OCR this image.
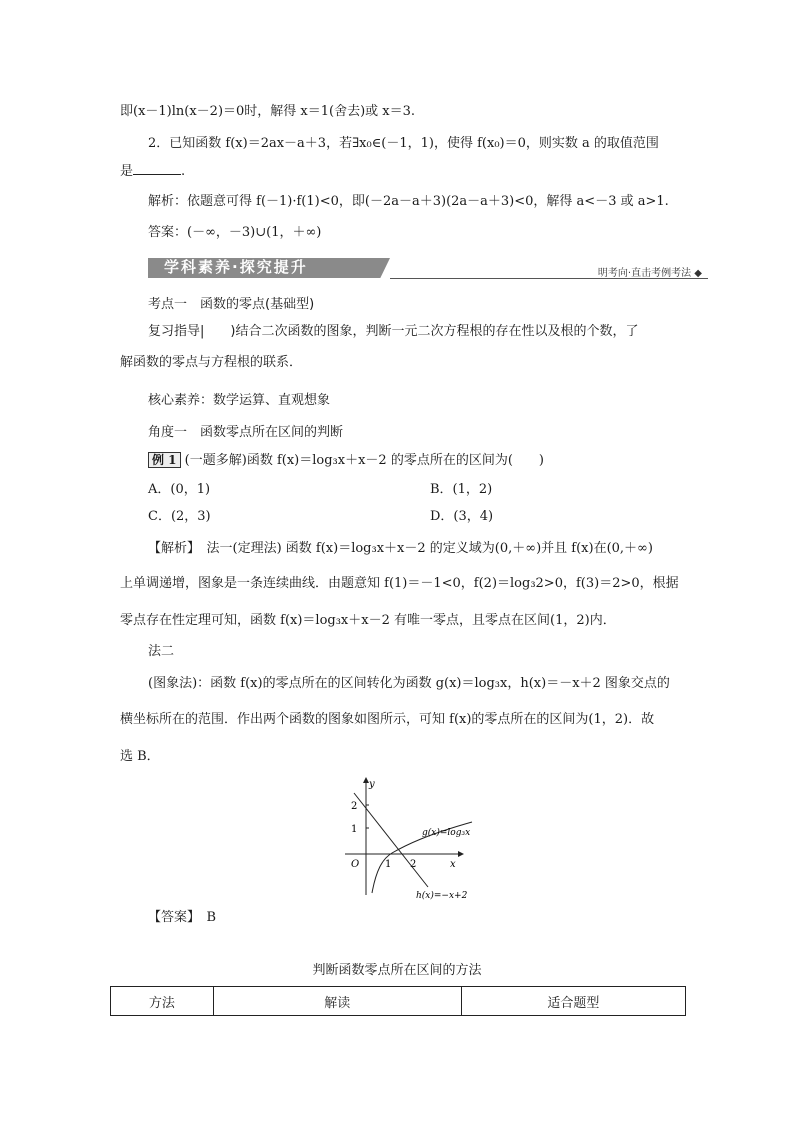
即(x－1)ln(x－2)＝0时，解得 x＝1(舍去)或 x＝3.
2．已知函数 f(x)＝2ax－a＋3，若∃x₀∈(－1，1)，使得 f(x₀)＝0，则实数 a 的取值范围
是	.
解析：依题意可得 f(－1)·f(1)<0，即(－2a－a＋3)(2a－a＋3)<0，解得 a<－3 或 a>1.
答案：(－∞，－3)∪(1，＋∞)
学科素养·探究提升	明考向·直击考例考法 ◆
考点一　函数的零点(基础型)
复习指导|　　)结合二次函数的图象，判断一元二次方程根的存在性以及根的个数，了
解函数的零点与方程根的联系．
核心素养：数学运算、直观想象
角度一　函数零点所在区间的判断
例 1 (一题多解)函数 f(x)＝log₃x＋x－2 的零点所在的区间为(　　)
A．(0，1)	B．(1，2)
C．(2，3)	D．(3，4)
【解析】　法一(定理法) 函数 f(x)＝log₃x＋x－2 的定义域为(0,＋∞)并且 f(x)在(0,＋∞)
上单调递增，图象是一条连续曲线．由题意知 f(1)＝－1<0，f(2)＝log₃2>0，f(3)＝2>0，根据
零点存在性定理可知，函数 f(x)＝log₃x＋x－2 有唯一零点，且零点在区间(1，2)内．
法二
(图象法)：函数 f(x)的零点所在的区间转化为函数 g(x)＝log₃x，h(x)＝－x＋2 图象交点的
横坐标所在的范围．作出两个函数的图象如图所示，可知 f(x)的零点所在的区间为(1，2)．故
选 B．
y
x
O
2
1
1 2
g(x)=log₃x
h(x)=−x+2
【答案】　B
判断函数零点所在区间的方法
方法	解读	适合题型
